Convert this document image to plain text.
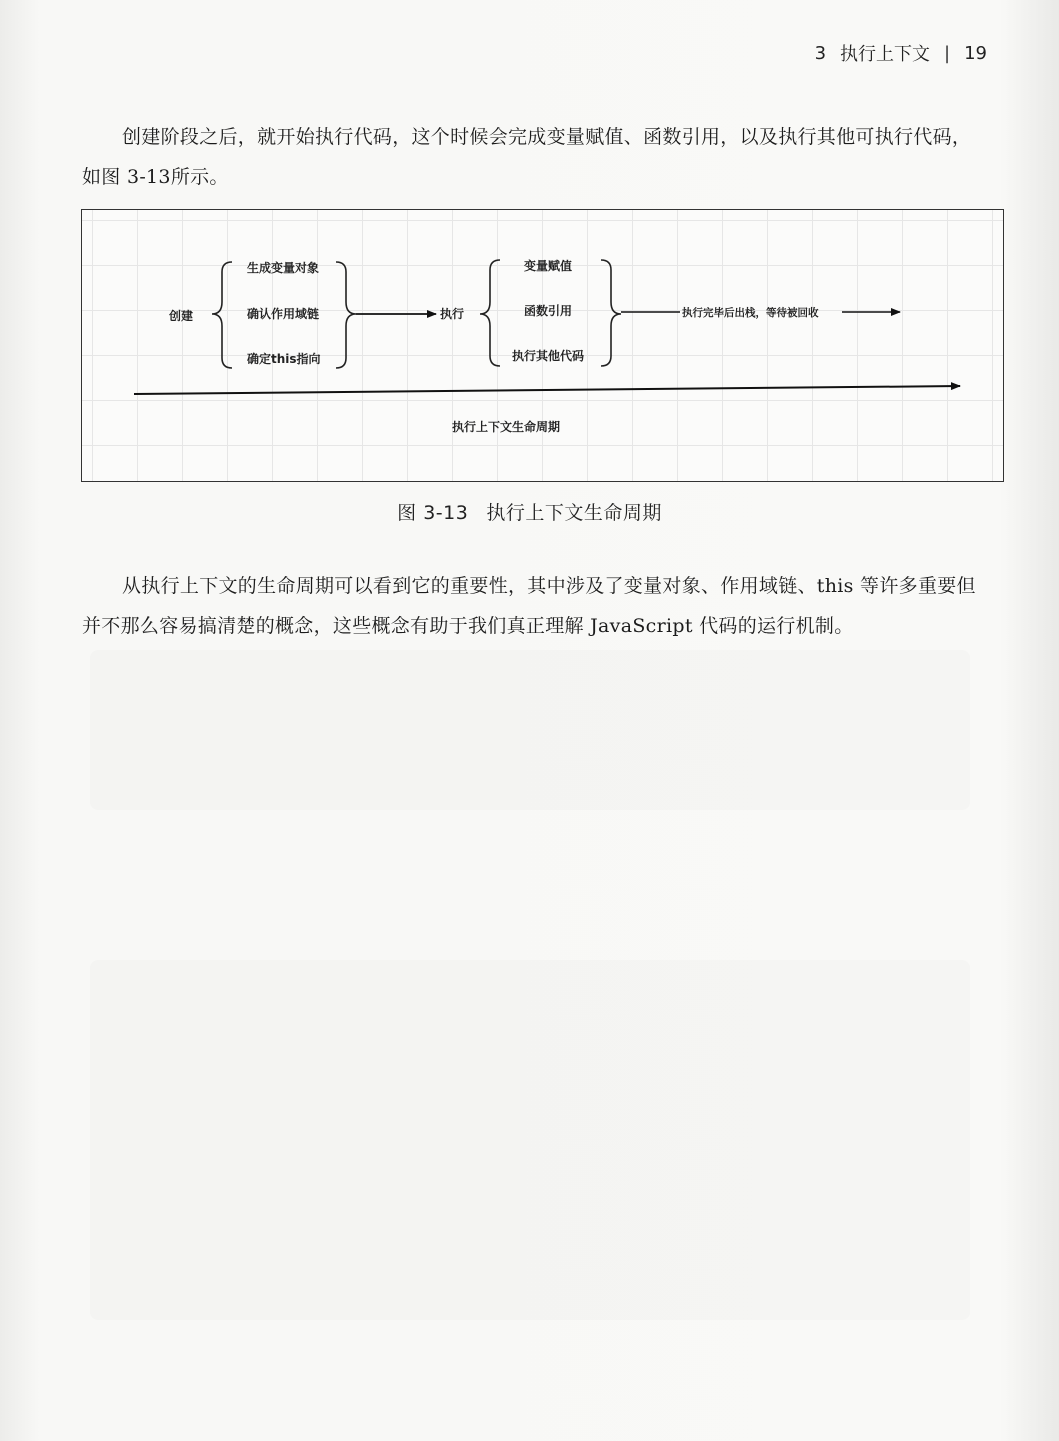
3 执行上下文 | 19

创建阶段之后，就开始执行代码，这个时候会完成变量赋值、函数引用，以及执行其他可执行代码，如图 3-13所示。

创建
生成变量对象
确认作用域链
确定this指向
执行
变量赋值
函数引用
执行其他代码
执行完毕后出栈，等待被回收
执行上下文生命周期
图 3-13 执行上下文生命周期

从执行上下文的生命周期可以看到它的重要性，其中涉及了变量对象、作用域链、this 等许多重要但并不那么容易搞清楚的概念，这些概念有助于我们真正理解 JavaScript 代码的运行机制。
